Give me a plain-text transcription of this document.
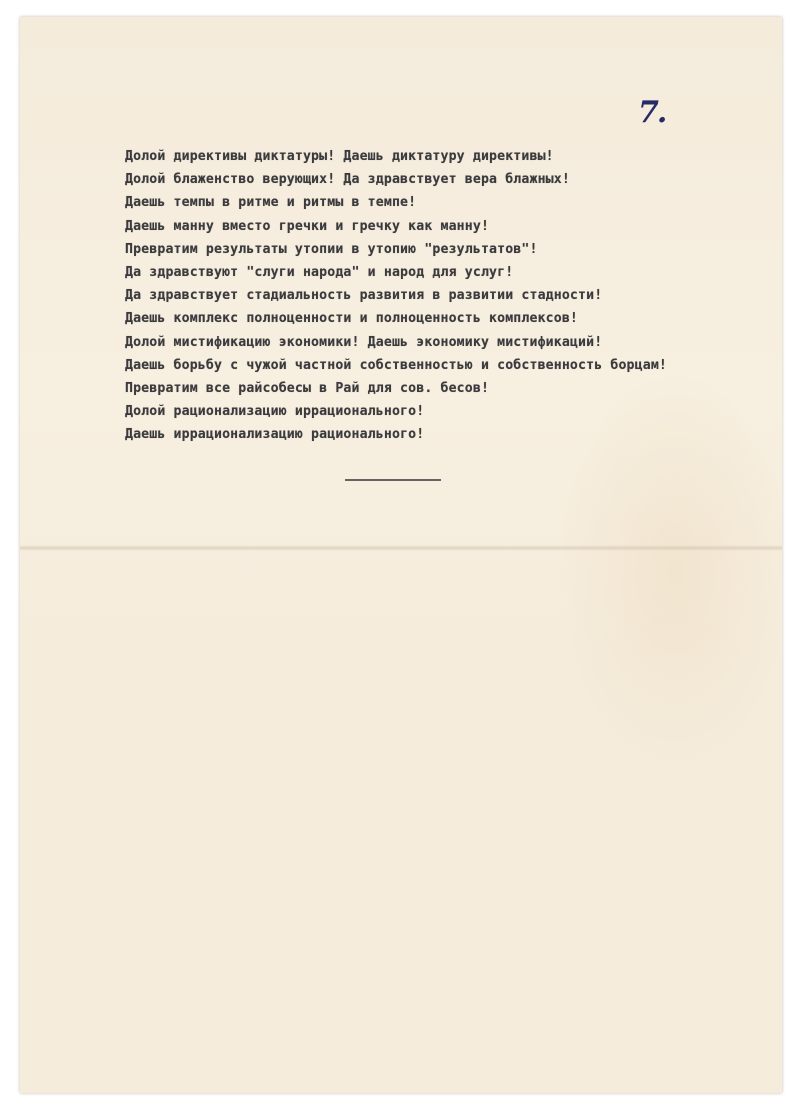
7.
Долой директивы диктатуры! Даешь диктатуру директивы!
Долой блаженство верующих! Да здравствует вера блажных!
Даешь темпы в ритме и ритмы в темпе!
Даешь манну вместо гречки и гречку как манну!
Превратим результаты утопии в утопию "результатов"!
Да здравствуют "слуги народа" и народ для услуг!
Да здравствует стадиальность развития в развитии стадности!
Даешь комплекс полноценности и полноценность комплексов!
Долой мистификацию экономики! Даешь экономику мистификаций!
Даешь борьбу с чужой частной собственностью и собственность борцам!
Превратим все райсобесы в Рай для сов. бесов!
Долой рационализацию иррационального!
Даешь иррационализацию рационального!
